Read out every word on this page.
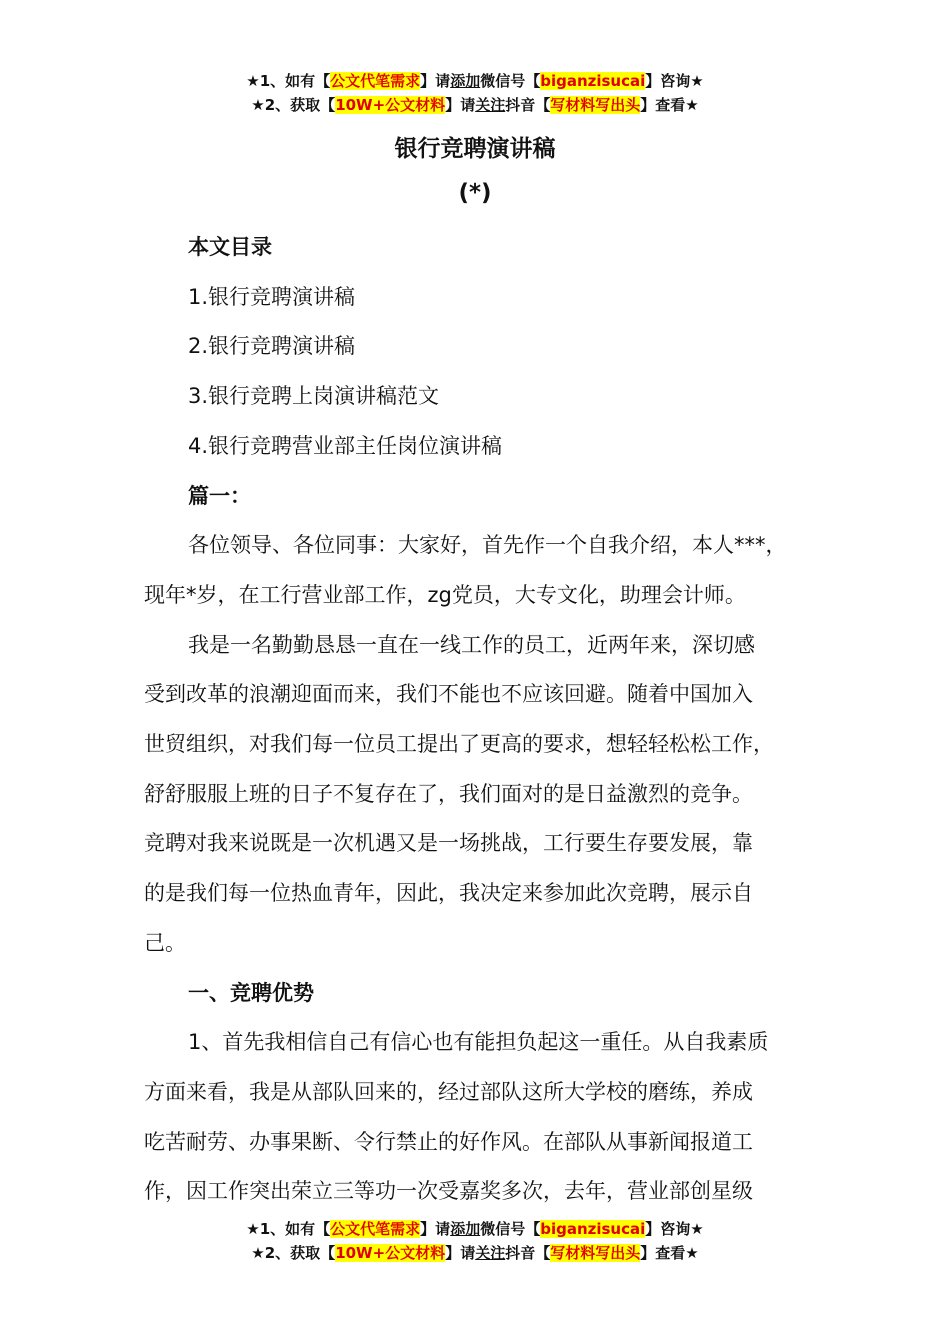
★1、如有【公文代笔需求】请添加微信号【biganzisucai】咨询★
★2、获取【10W+公文材料】请关注抖音【写材料写出头】查看★
银行竞聘演讲稿
(*)
本文目录
1.银行竞聘演讲稿
2.银行竞聘演讲稿
3.银行竞聘上岗演讲稿范文
4.银行竞聘营业部主任岗位演讲稿
篇一：
各位领导、各位同事：大家好，首先作一个自我介绍，本人***，
现年*岁，在工行营业部工作，zg党员，大专文化，助理会计师。
我是一名勤勤恳恳一直在一线工作的员工，近两年来，深切感
受到改革的浪潮迎面而来，我们不能也不应该回避。随着中国加入
世贸组织，对我们每一位员工提出了更高的要求，想轻轻松松工作，
舒舒服服上班的日子不复存在了，我们面对的是日益激烈的竞争。
竞聘对我来说既是一次机遇又是一场挑战，工行要生存要发展，靠
的是我们每一位热血青年，因此，我决定来参加此次竞聘，展示自
己。
一、竞聘优势
1、首先我相信自己有信心也有能担负起这一重任。从自我素质
方面来看，我是从部队回来的，经过部队这所大学校的磨练，养成
吃苦耐劳、办事果断、令行禁止的好作风。在部队从事新闻报道工
作，因工作突出荣立三等功一次受嘉奖多次，去年，营业部创星级
★1、如有【公文代笔需求】请添加微信号【biganzisucai】咨询★
★2、获取【10W+公文材料】请关注抖音【写材料写出头】查看★
